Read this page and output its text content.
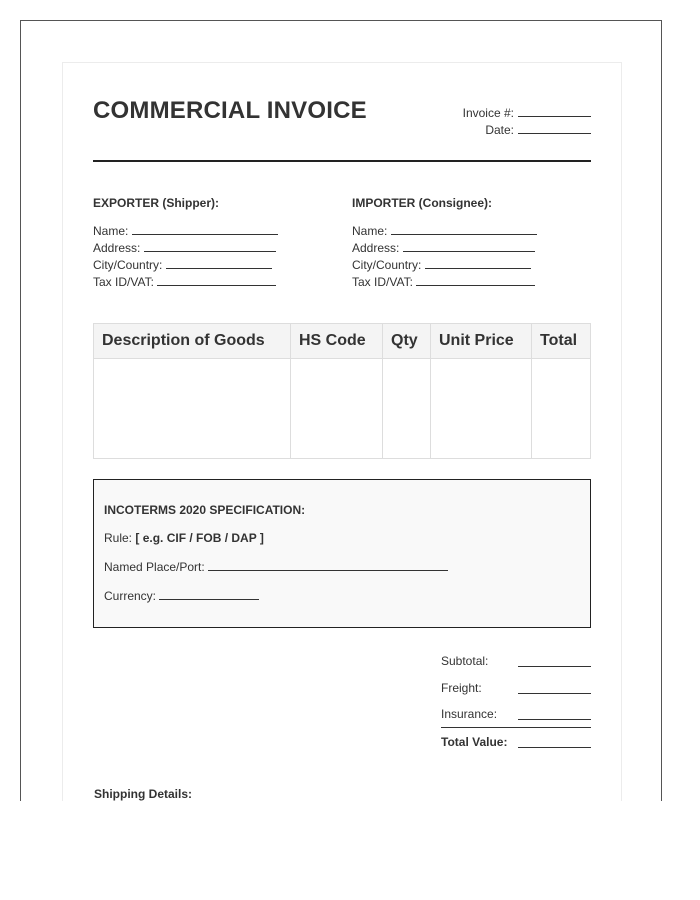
COMMERCIAL INVOICE	Invoice #:
Date:
EXPORTER (Shipper):
Name:
Address:
City/Country:
Tax ID/VAT:
IMPORTER (Consignee):
Name:
Address:
City/Country:
Tax ID/VAT:
Description of Goods	HS Code	Qty	Unit Price	Total

INCOTERMS 2020 SPECIFICATION:
Rule: [ e.g. CIF / FOB / DAP ]
Named Place/Port:
Currency:
Subtotal:
Freight:
Insurance:
Total Value:
Shipping Details:
